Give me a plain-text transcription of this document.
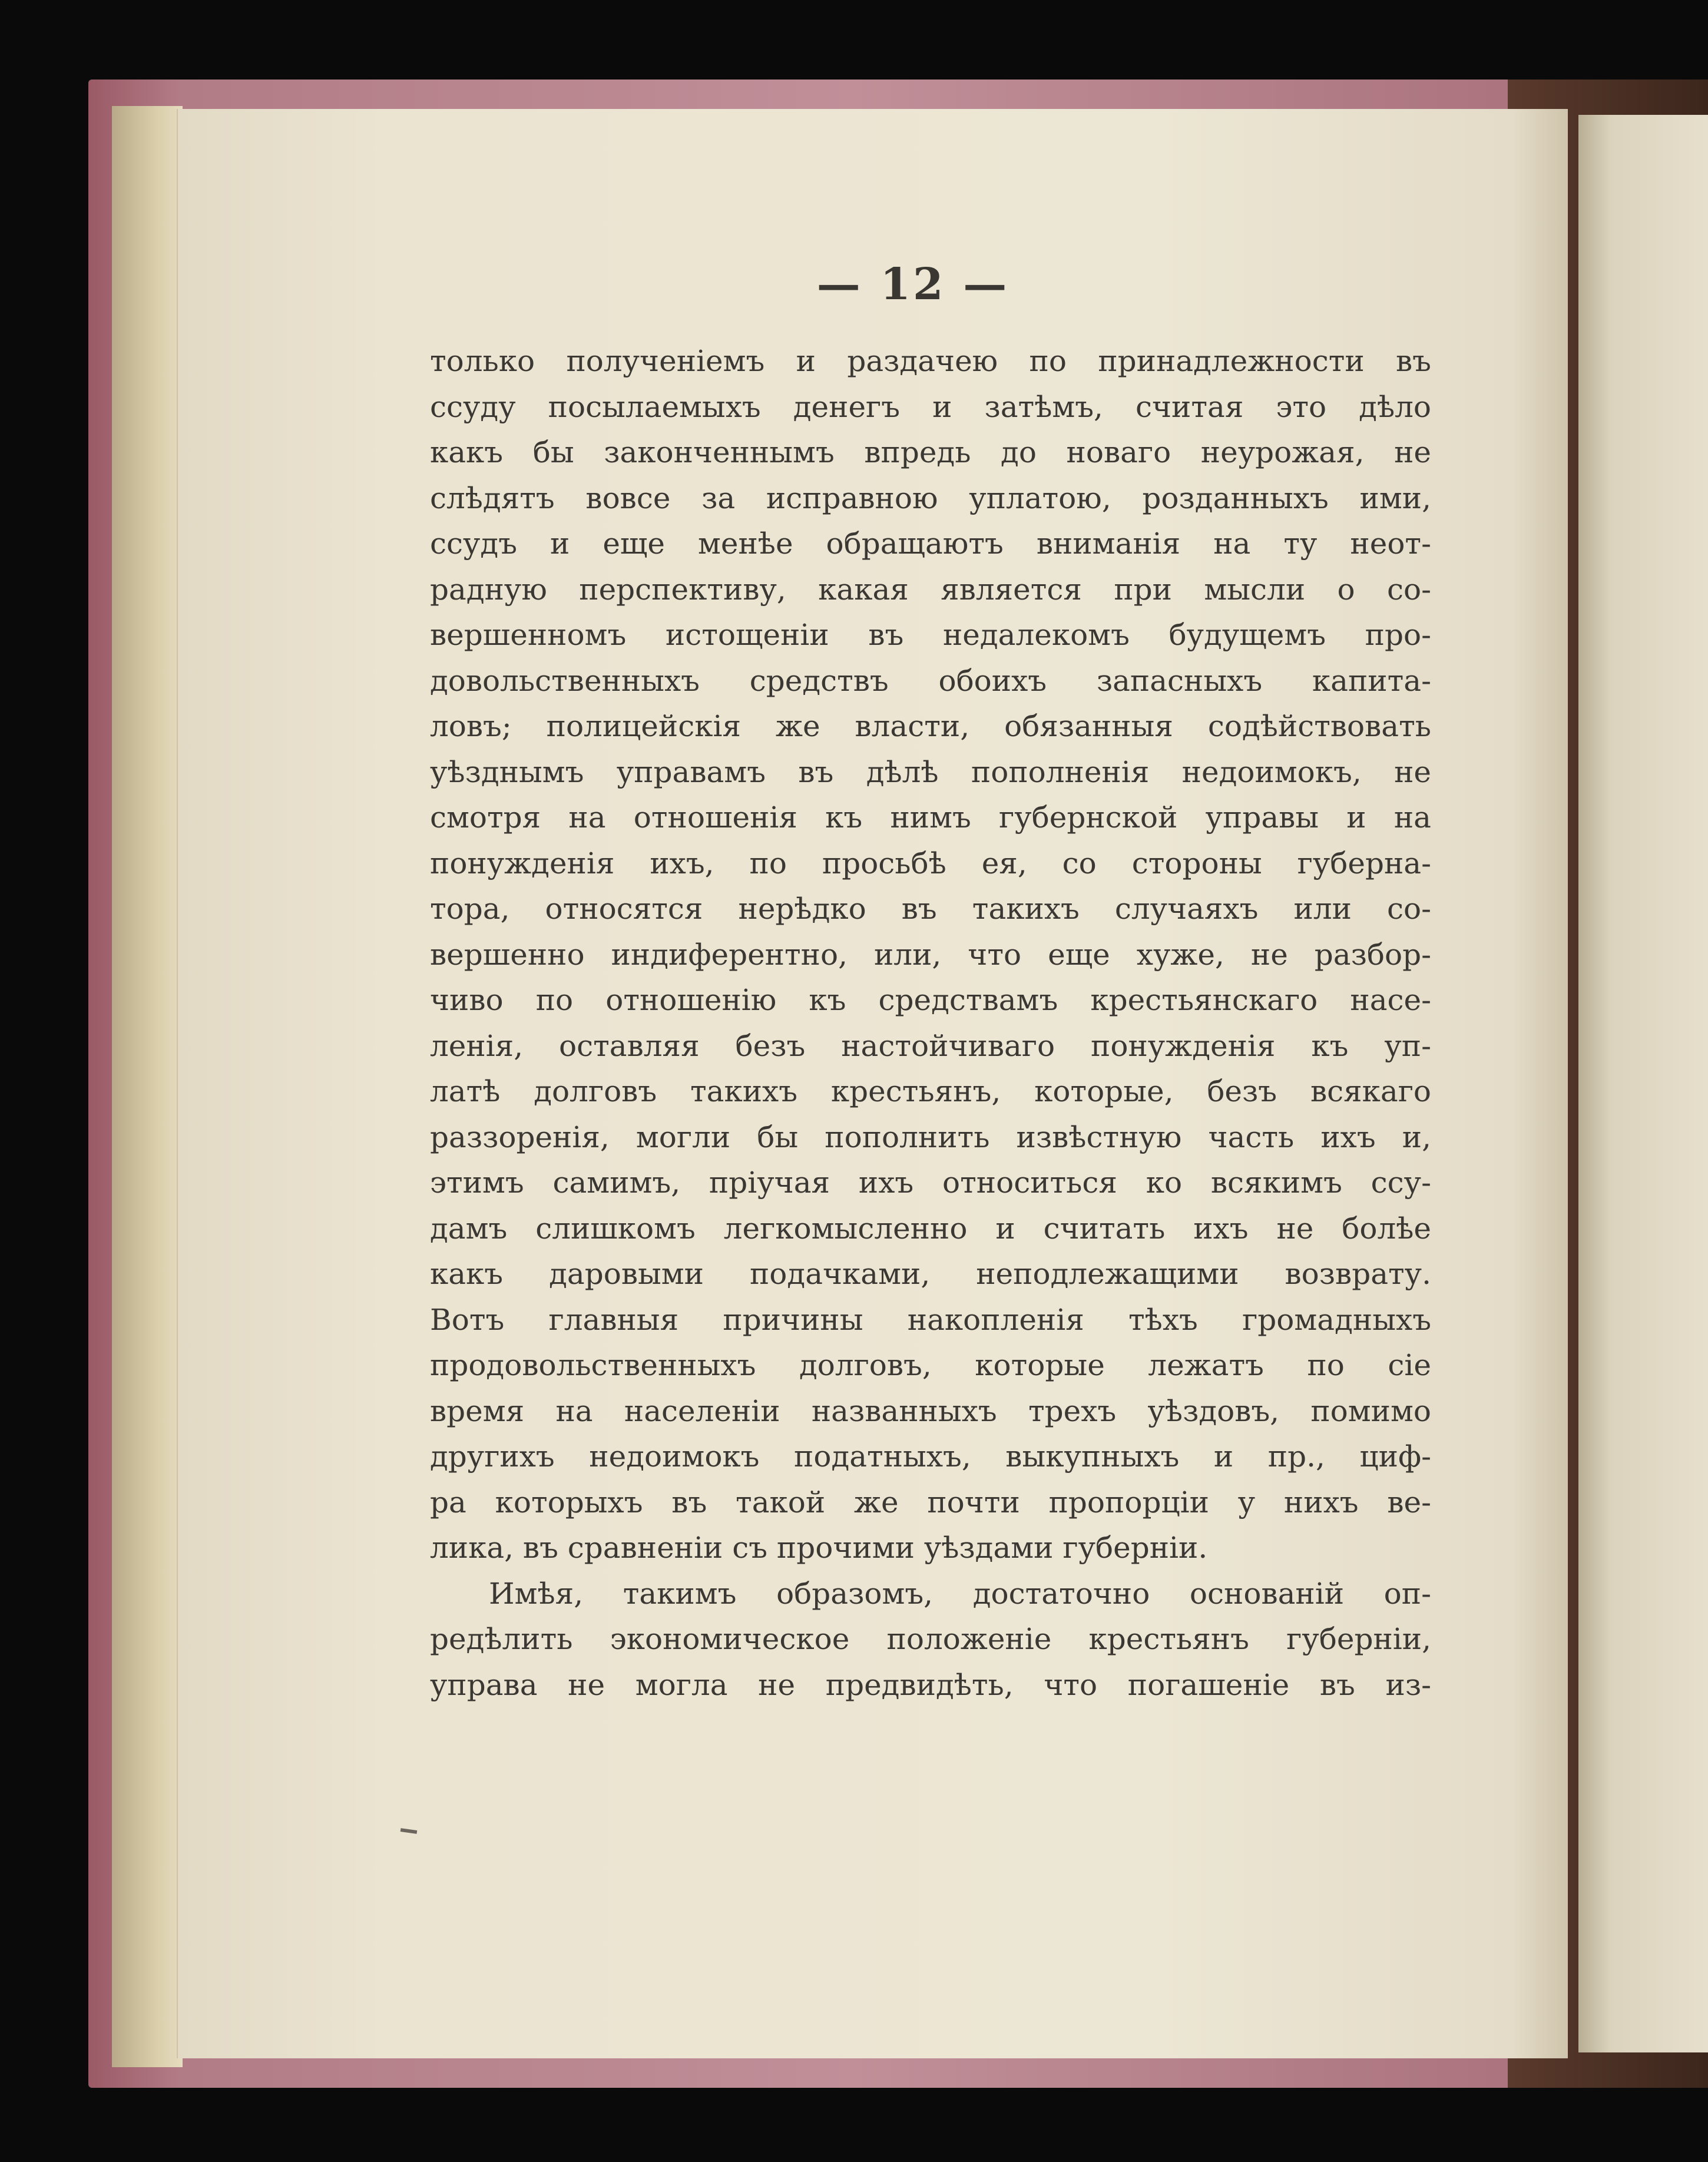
— 12 —
только полученіемъ и раздачею по принадлежности въ
ссуду посылаемыхъ денегъ и затѣмъ, считая это дѣло
какъ бы законченнымъ впредь до новаго неурожая, не
слѣдятъ вовсе за исправною уплатою, розданныхъ ими,
ссудъ и еще менѣе обращаютъ вниманія на ту неот-
радную перспективу, какая является при мысли о со-
вершенномъ истощеніи въ недалекомъ будущемъ про-
довольственныхъ средствъ обоихъ запасныхъ капита-
ловъ; полицейскія же власти, обязанныя содѣйствовать
уѣзднымъ управамъ въ дѣлѣ пополненія недоимокъ, не
смотря на отношенія къ нимъ губернской управы и на
понужденія ихъ, по просьбѣ ея, со стороны губерна-
тора, относятся нерѣдко въ такихъ случаяхъ или со-
вершенно индиферентно, или, что еще хуже, не разбор-
чиво по отношенію къ средствамъ крестьянскаго насе-
ленія, оставляя безъ настойчиваго понужденія къ уп-
латѣ долговъ такихъ крестьянъ, которые, безъ всякаго
раззоренія, могли бы пополнить извѣстную часть ихъ и,
этимъ самимъ, пріучая ихъ относиться ко всякимъ ссу-
дамъ слишкомъ легкомысленно и считать ихъ не болѣе
какъ даровыми подачками, неподлежащими возврату.
Вотъ главныя причины накопленія тѣхъ громадныхъ
продовольственныхъ долговъ, которые лежатъ по сіе
время на населеніи названныхъ трехъ уѣздовъ, помимо
другихъ недоимокъ податныхъ, выкупныхъ и пр., циф-
ра которыхъ въ такой же почти пропорціи у нихъ ве-
лика, въ сравненіи съ прочими уѣздами губерніи.
Имѣя, такимъ образомъ, достаточно основаній оп-
редѣлить экономическое положеніе крестьянъ губерніи,
управа не могла не предвидѣть, что погашеніе въ из-
